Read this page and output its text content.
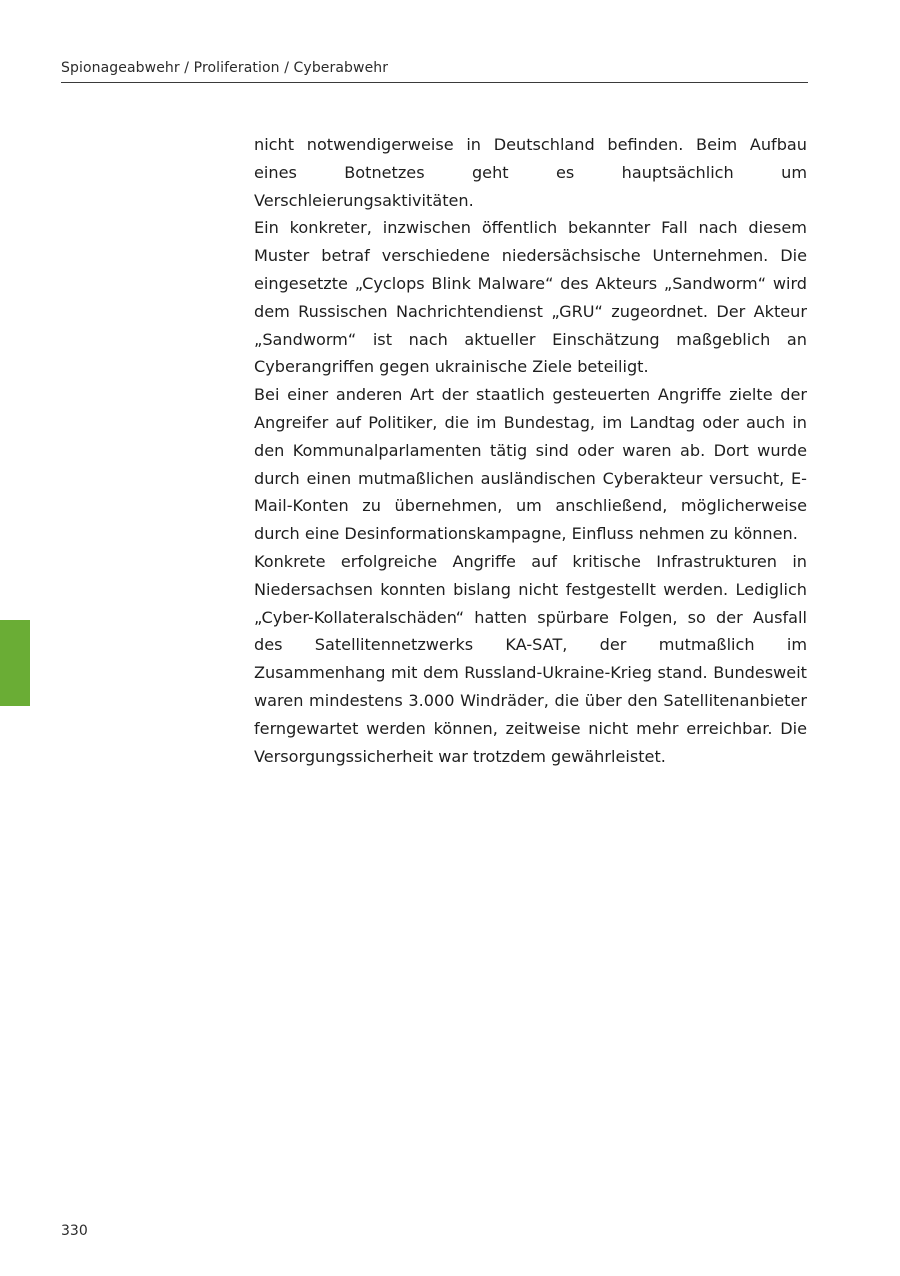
Spionageabwehr / Proliferation / Cyberabwehr

nicht notwendigerweise in Deutschland befinden. Beim Aufbau eines Botnetzes geht es hauptsächlich um Verschleierungsaktivitäten.

Ein konkreter, inzwischen öffentlich bekannter Fall nach diesem Muster betraf verschiedene niedersächsische Unternehmen. Die eingesetzte „Cyclops Blink Malware“ des Akteurs „Sandworm“ wird dem Russischen Nachrichtendienst „GRU“ zugeordnet. Der Akteur „Sandworm“ ist nach aktueller Einschätzung maßgeblich an Cyberangriffen gegen ukrainische Ziele beteiligt.

Bei einer anderen Art der staatlich gesteuerten Angriffe zielte der Angreifer auf Politiker, die im Bundestag, im Landtag oder auch in den Kommunalparlamenten tätig sind oder waren ab. Dort wurde durch einen mutmaßlichen ausländischen Cyberakteur versucht, E-Mail-Konten zu übernehmen, um anschließend, möglicherweise durch eine Desinformationskampagne, Einfluss nehmen zu können.

Konkrete erfolgreiche Angriffe auf kritische Infrastrukturen in Niedersachsen konnten bislang nicht festgestellt werden. Lediglich „Cyber-Kollateralschäden“ hatten spürbare Folgen, so der Ausfall des Satellitennetzwerks KA-SAT, der mutmaßlich im Zusammenhang mit dem Russland-Ukraine-Krieg stand. Bundesweit waren mindestens 3.000 Windräder, die über den Satellitenanbieter ferngewartet werden können, zeitweise nicht mehr erreichbar. Die Versorgungssicherheit war trotzdem gewährleistet.

330
